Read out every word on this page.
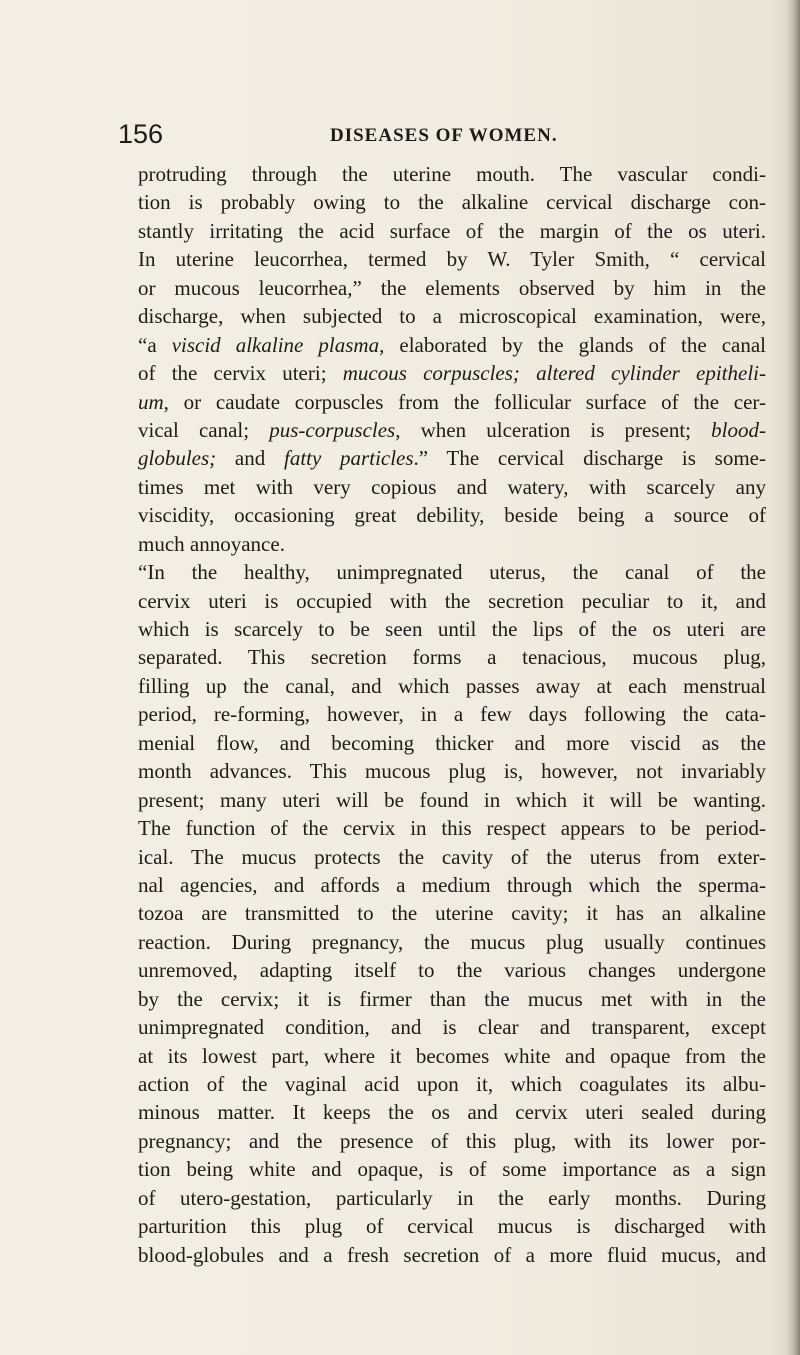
156	DISEASES OF WOMEN.
protruding through the uterine mouth. The vascular condi-
tion is probably owing to the alkaline cervical discharge con-
stantly irritating the acid surface of the margin of the os uteri.
In uterine leucorrhea, termed by W. Tyler Smith, “ cervical
or mucous leucorrhea,” the elements observed by him in the
discharge, when subjected to a microscopical examination, were,
“a viscid alkaline plasma, elaborated by the glands of the canal
of the cervix uteri; mucous corpuscles; altered cylinder epitheli-
um, or caudate corpuscles from the follicular surface of the cer-
vical canal; pus-corpuscles, when ulceration is present; blood-
globules; and fatty particles.” The cervical discharge is some-
times met with very copious and watery, with scarcely any
viscidity, occasioning great debility, beside being a source of
much annoyance.
“In the healthy, unimpregnated uterus, the canal of the
cervix uteri is occupied with the secretion peculiar to it, and
which is scarcely to be seen until the lips of the os uteri are
separated. This secretion forms a tenacious, mucous plug,
filling up the canal, and which passes away at each menstrual
period, re-forming, however, in a few days following the cata-
menial flow, and becoming thicker and more viscid as the
month advances. This mucous plug is, however, not invariably
present; many uteri will be found in which it will be wanting.
The function of the cervix in this respect appears to be period-
ical. The mucus protects the cavity of the uterus from exter-
nal agencies, and affords a medium through which the sperma-
tozoa are transmitted to the uterine cavity; it has an alkaline
reaction. During pregnancy, the mucus plug usually continues
unremoved, adapting itself to the various changes undergone
by the cervix; it is firmer than the mucus met with in the
unimpregnated condition, and is clear and transparent, except
at its lowest part, where it becomes white and opaque from the
action of the vaginal acid upon it, which coagulates its albu-
minous matter. It keeps the os and cervix uteri sealed during
pregnancy; and the presence of this plug, with its lower por-
tion being white and opaque, is of some importance as a sign
of utero-gestation, particularly in the early months. During
parturition this plug of cervical mucus is discharged with
blood-globules and a fresh secretion of a more fluid mucus, and
